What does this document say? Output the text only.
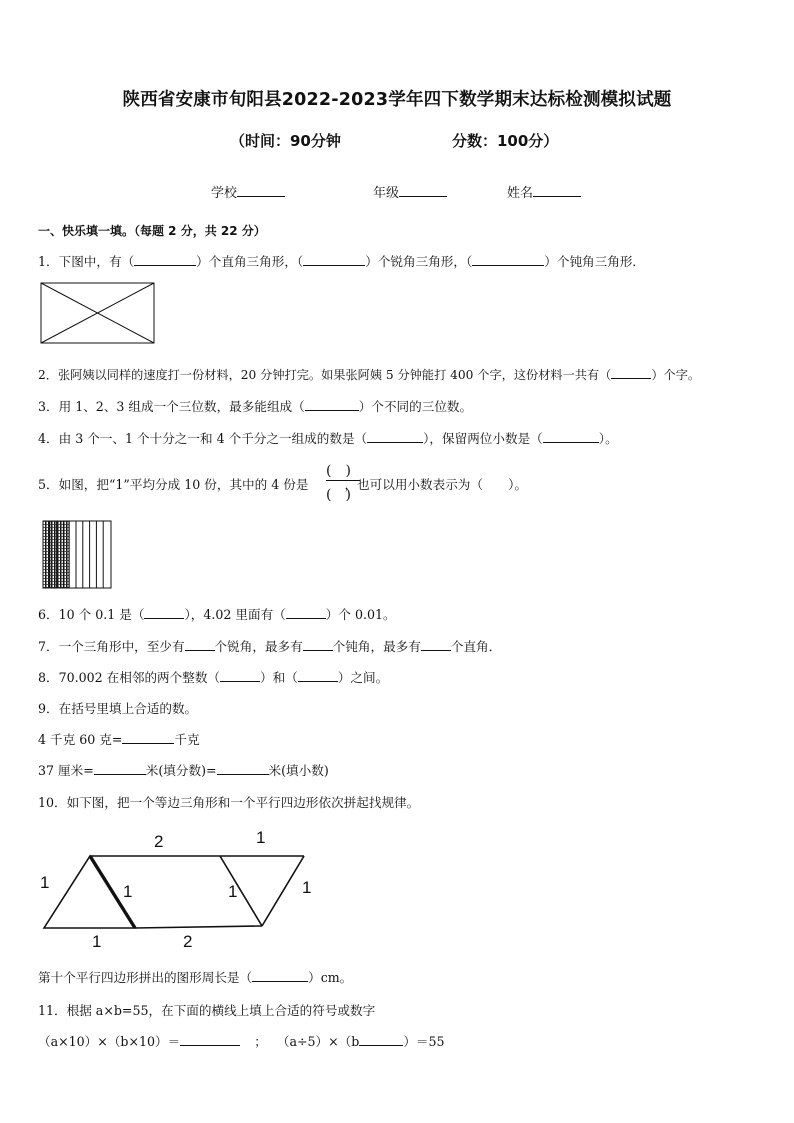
陕西省安康市旬阳县2022-2023学年四下数学期末达标检测模拟试题
（时间：90分钟	分数：100分）
学校	年级	姓名
一、快乐填一填。（每题 2 分，共 22 分）
1．下图中，有（	）个直角三角形，（	）个锐角三角形，（	）个钝角三角形．
2．张阿姨以同样的速度打一份材料，20 分钟打完。如果张阿姨 5 分钟能打 400 个字，这份材料一共有（	）个字。
3．用 1、2、3 组成一个三位数，最多能组成（	）个不同的三位数。
4．由 3 个一、1 个十分之一和 4 个千分之一组成的数是（	），保留两位小数是（	）。
5．如图，把“1”平均分成 10 份，其中的 4 份是	，也可以用小数表示为（　　）。
(　)
(　)
6．10 个 0.1 是（	），4.02 里面有（	）个 0.01。
7．一个三角形中，至少有 个锐角，最多有 个钝角，最多有 个直角．
8．70.002 在相邻的两个整数（	）和（	）之间。
9．在括号里填上合适的数。
4 千克 60 克=	千克
37 厘米=	米(填分数)=	米(填小数)
10．如下图，把一个等边三角形和一个平行四边形依次拼起找规律。
2	1
1	1	1	1
1	2
第十个平行四边形拼出的图形周长是（	）cm。
11．根据 a×b=55，在下面的横线上填上合适的符号或数字
（a×10）×（b×10）＝	； （a÷5）×（b	）＝55
